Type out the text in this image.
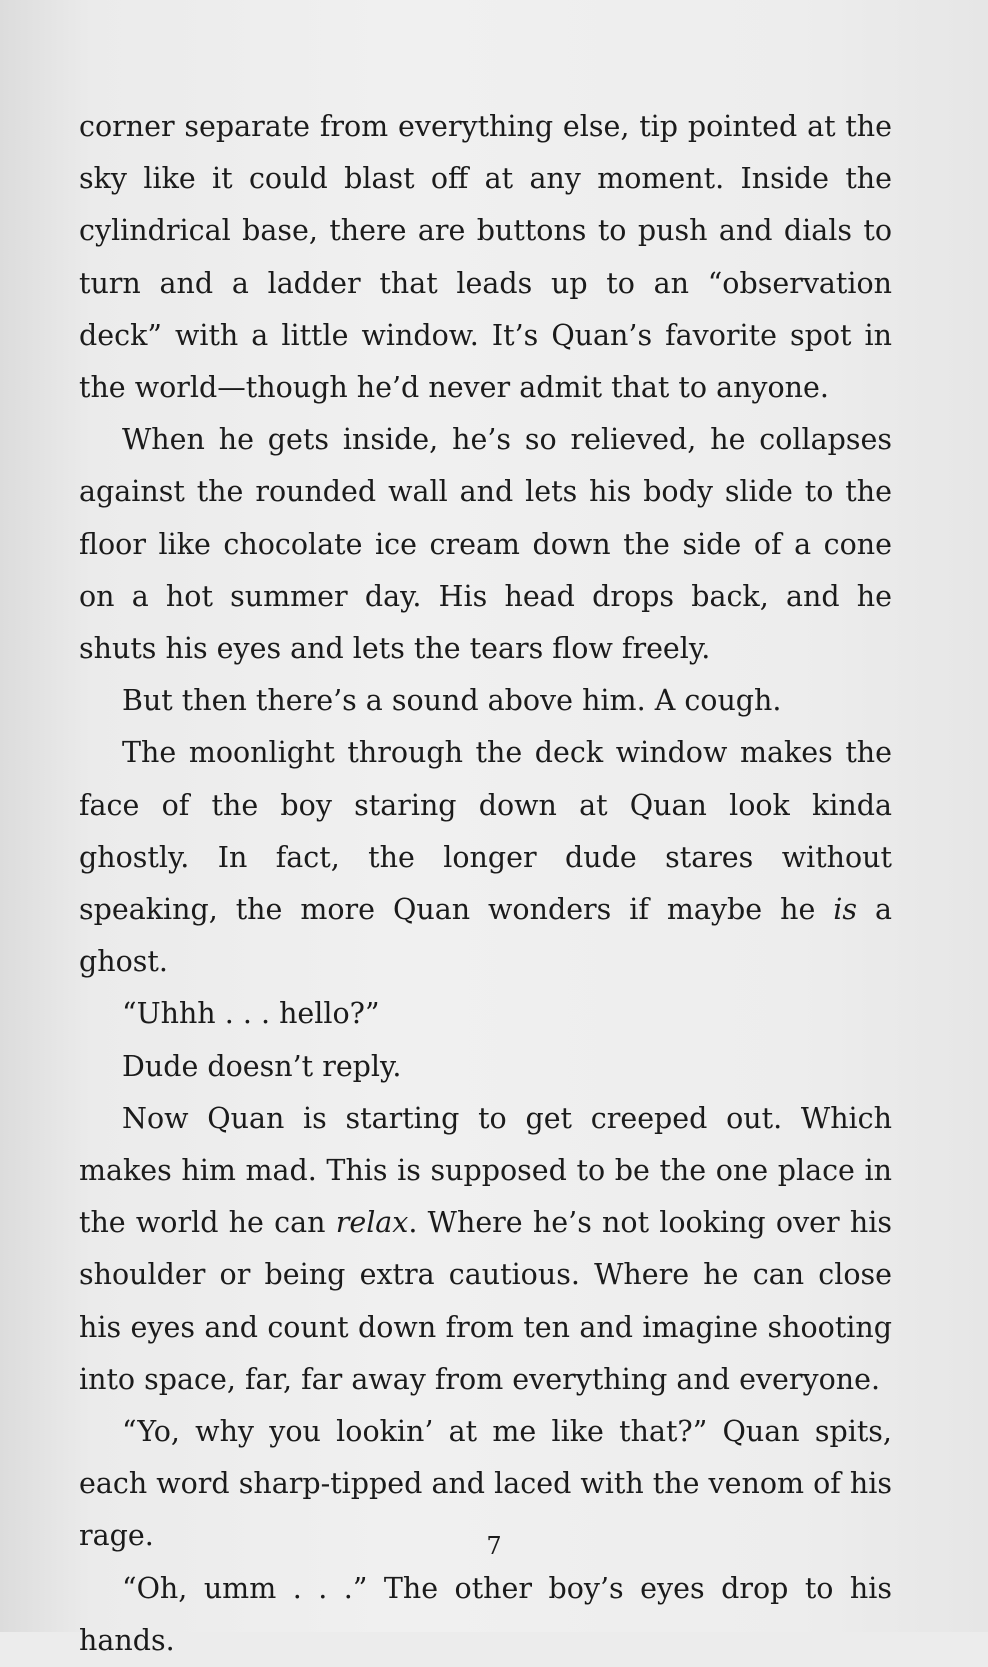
corner separate from everything else, tip pointed at the sky like it could blast off at any moment. Inside the cylindrical base, there are buttons to push and dials to turn and a ladder that leads up to an “observation deck” with a little window. It’s Quan’s favorite spot in the world—though he’d never admit that to anyone.

When he gets inside, he’s so relieved, he collapses against the rounded wall and lets his body slide to the floor like chocolate ice cream down the side of a cone on a hot summer day. His head drops back, and he shuts his eyes and lets the tears flow freely.

But then there’s a sound above him. A cough.

The moonlight through the deck window makes the face of the boy staring down at Quan look kinda ghostly. In fact, the longer dude stares without speaking, the more Quan wonders if maybe he is a ghost.

“Uhhh . . . hello?”

Dude doesn’t reply.

Now Quan is starting to get creeped out. Which makes him mad. This is supposed to be the one place in the world he can relax. Where he’s not looking over his shoulder or being extra cautious. Where he can close his eyes and count down from ten and imagine shooting into space, far, far away from everything and everyone.

“Yo, why you lookin’ at me like that?” Quan spits, each word sharp-tipped and laced with the venom of his rage.

“Oh, umm . . .” The other boy’s eyes drop to his hands.

7
